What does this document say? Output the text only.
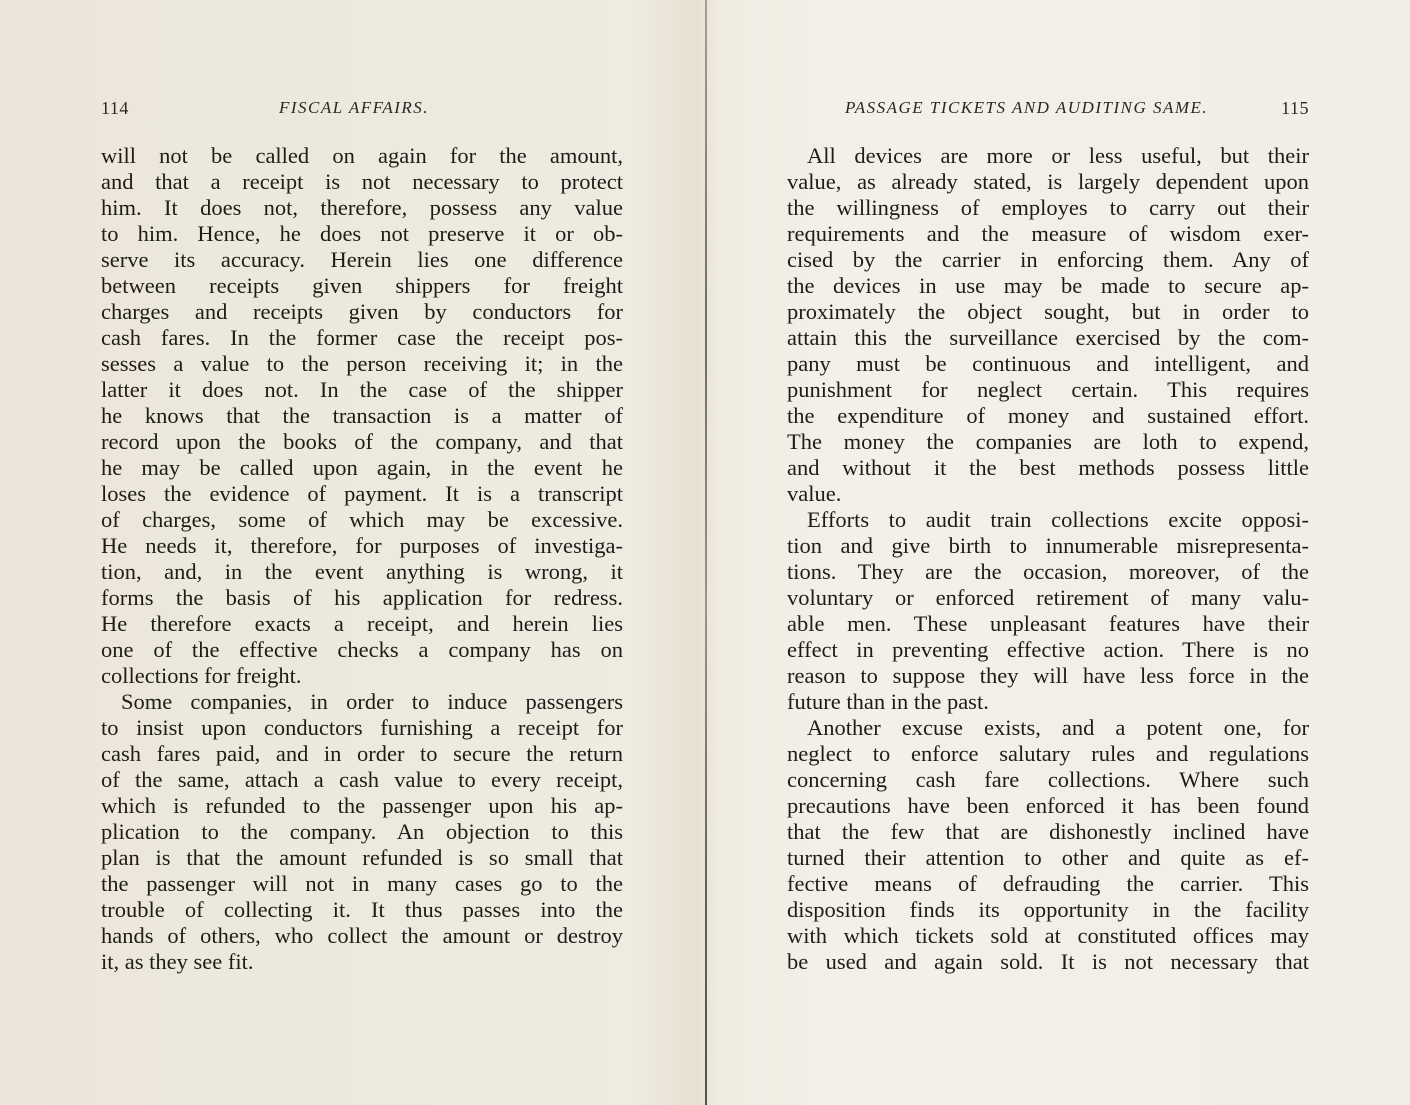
114	FISCAL AFFAIRS.
will not be called on again for the amount,
and that a receipt is not necessary to protect
him. It does not, therefore, possess any value
to him. Hence, he does not preserve it or ob-
serve its accuracy. Herein lies one difference
between receipts given shippers for freight
charges and receipts given by conductors for
cash fares. In the former case the receipt pos-
sesses a value to the person receiving it; in the
latter it does not. In the case of the shipper
he knows that the transaction is a matter of
record upon the books of the company, and that
he may be called upon again, in the event he
loses the evidence of payment. It is a transcript
of charges, some of which may be excessive.
He needs it, therefore, for purposes of investiga-
tion, and, in the event anything is wrong, it
forms the basis of his application for redress.
He therefore exacts a receipt, and herein lies
one of the effective checks a company has on
collections for freight.
Some companies, in order to induce passengers
to insist upon conductors furnishing a receipt for
cash fares paid, and in order to secure the return
of the same, attach a cash value to every receipt,
which is refunded to the passenger upon his ap-
plication to the company. An objection to this
plan is that the amount refunded is so small that
the passenger will not in many cases go to the
trouble of collecting it. It thus passes into the
hands of others, who collect the amount or destroy
it, as they see fit.
PASSAGE TICKETS AND AUDITING SAME.	115
All devices are more or less useful, but their
value, as already stated, is largely dependent upon
the willingness of employes to carry out their
requirements and the measure of wisdom exer-
cised by the carrier in enforcing them. Any of
the devices in use may be made to secure ap-
proximately the object sought, but in order to
attain this the surveillance exercised by the com-
pany must be continuous and intelligent, and
punishment for neglect certain. This requires
the expenditure of money and sustained effort.
The money the companies are loth to expend,
and without it the best methods possess little
value.
Efforts to audit train collections excite opposi-
tion and give birth to innumerable misrepresenta-
tions. They are the occasion, moreover, of the
voluntary or enforced retirement of many valu-
able men. These unpleasant features have their
effect in preventing effective action. There is no
reason to suppose they will have less force in the
future than in the past.
Another excuse exists, and a potent one, for
neglect to enforce salutary rules and regulations
concerning cash fare collections. Where such
precautions have been enforced it has been found
that the few that are dishonestly inclined have
turned their attention to other and quite as ef-
fective means of defrauding the carrier. This
disposition finds its opportunity in the facility
with which tickets sold at constituted offices may
be used and again sold. It is not necessary that
